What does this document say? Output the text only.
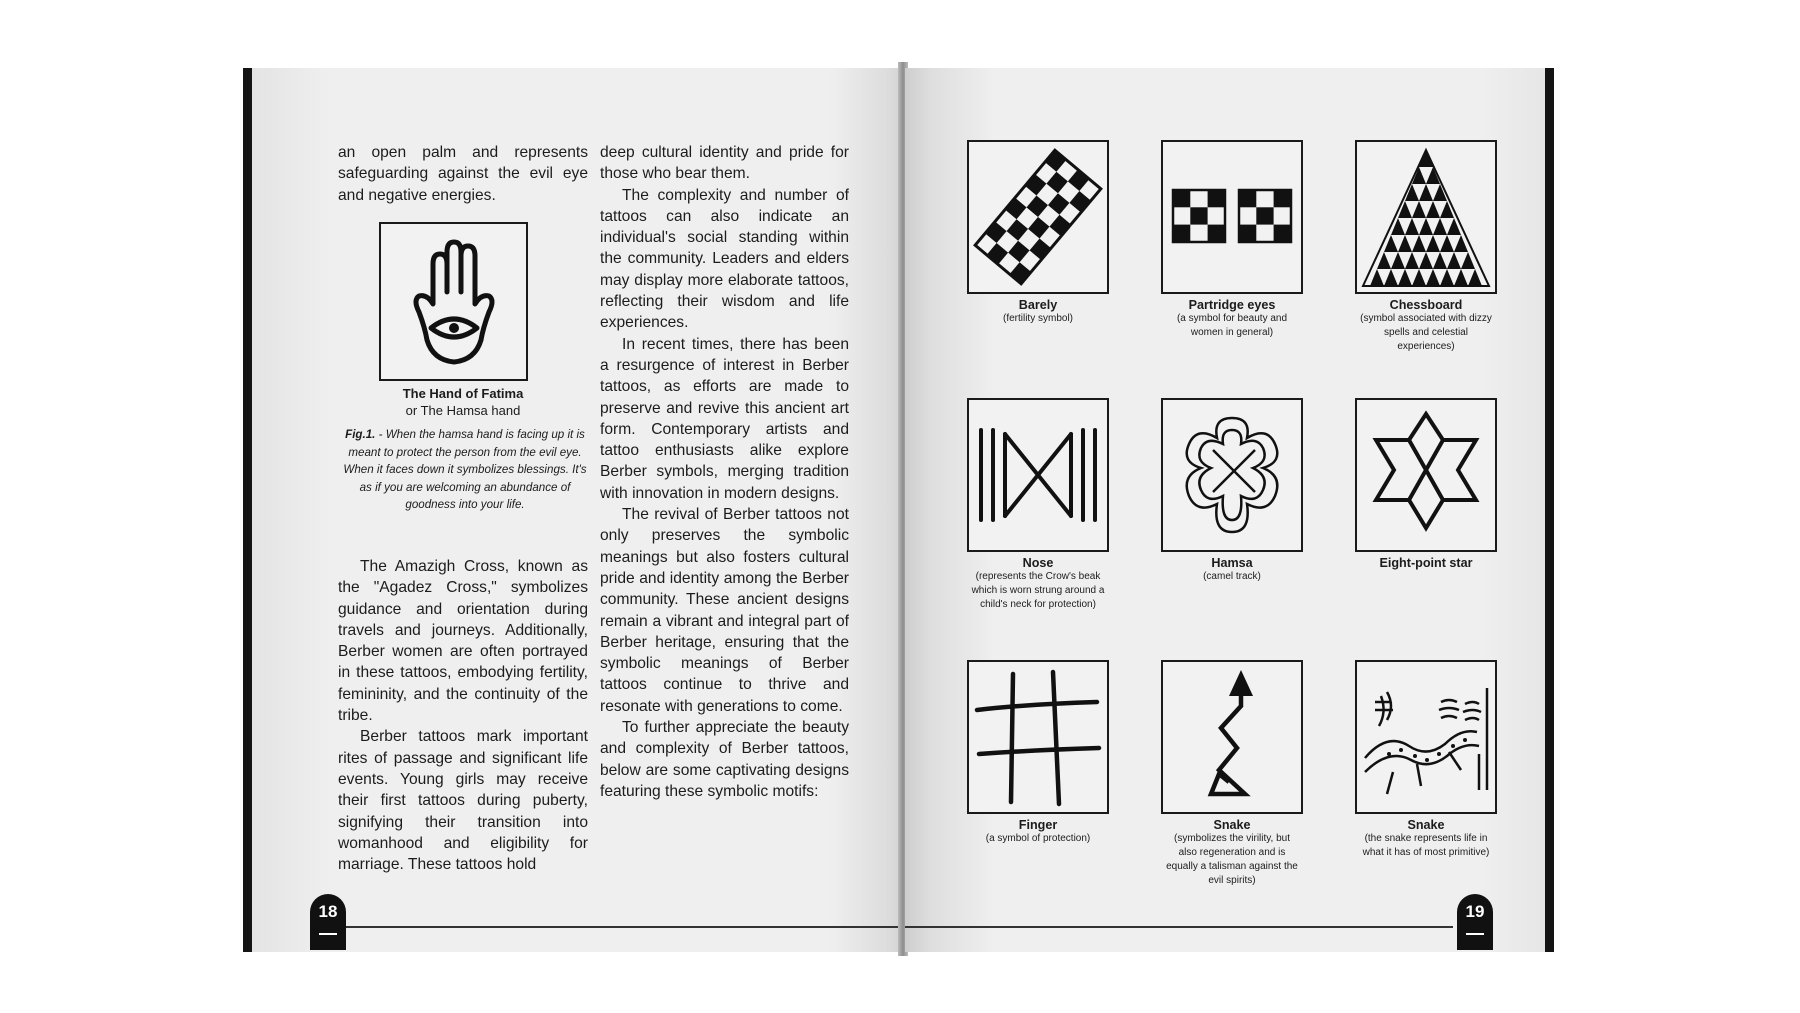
an open palm and represents safeguarding against the evil eye and negative energies.

The Hand of Fatima
or The Hamsa hand
Fig.1. - When the hamsa hand is facing up it is meant to protect the person from the evil eye. When it faces down it symbolizes blessings. It's as if you are welcoming an abundance of goodness into your life.

The Amazigh Cross, known as the "Agadez Cross," symbolizes guidance and orientation during travels and journeys. Additionally, Berber women are often portrayed in these tattoos, embodying fertility, femininity, and the continuity of the tribe.

Berber tattoos mark important rites of passage and significant life events. Young girls may receive their first tattoos during puberty, signifying their transition into womanhood and eligibility for marriage. These tattoos hold

deep cultural identity and pride for those who bear them.

The complexity and number of tattoos can also indicate an individual's social standing within the community. Leaders and elders may display more elaborate tattoos, reflecting their wisdom and life experiences.

In recent times, there has been a resurgence of interest in Berber tattoos, as efforts are made to preserve and revive this ancient art form. Contemporary artists and tattoo enthusiasts alike explore Berber symbols, merging tradition with innovation in modern designs.

The revival of Berber tattoos not only preserves the symbolic meanings but also fosters cultural pride and identity among the Berber community. These ancient designs remain a vibrant and integral part of Berber heritage, ensuring that the symbolic meanings of Berber tattoos continue to thrive and resonate with generations to come.

To further appreciate the beauty and complexity of Berber tattoos, below are some captivating designs featuring these symbolic motifs:

18
Barely
(fertility symbol)
Partridge eyes
(a symbol for beauty and women in general)
Chessboard
(symbol associated with dizzy spells and celestial experiences)
Nose
(represents the Crow's beak which is worn strung around a child's neck for protection)
Hamsa
(camel track)
Eight-point star
Finger
(a symbol of protection)
Snake
(symbolizes the virility, but also regeneration and is equally a talisman against the evil spirits)
Snake
(the snake represents life in what it has of most primitive)
19
